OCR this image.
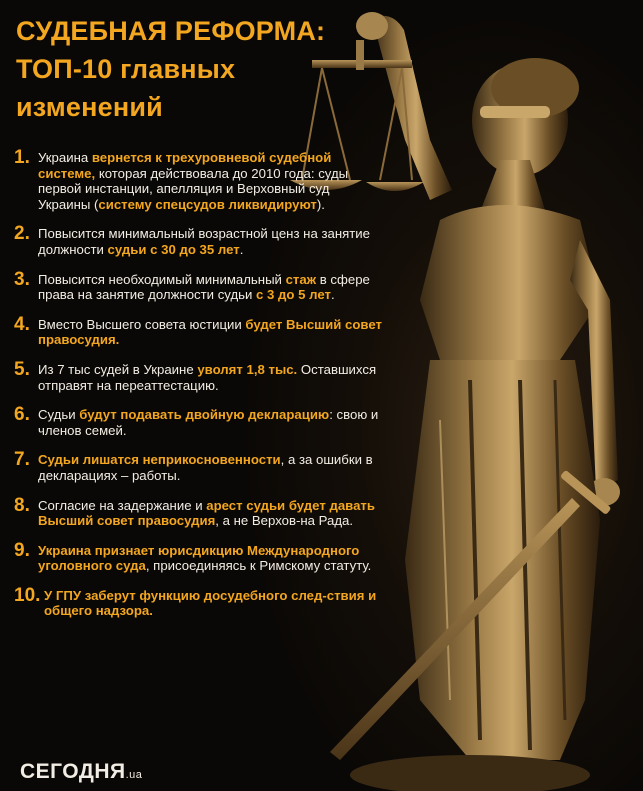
СУДЕБНАЯ РЕФОРМА:
ТОП-10 главных
изменений
1. Украина вернется к трехуровневой судебной системе, которая действовала до 2010 года: суды первой инстанции, апелляция и Верховный суд Украины (систему спецсудов ликвидируют).
2. Повысится минимальный возрастной ценз на занятие должности судьи с 30 до 35 лет.
3. Повысится необходимый минимальный стаж в сфере права на занятие должности судьи с 3 до 5 лет.
4. Вместо Высшего совета юстиции будет Высший совет правосудия.
5. Из 7 тыс судей в Украине уволят 1,8 тыс. Оставшихся отправят на переаттестацию.
6. Судьи будут подавать двойную декларацию: свою и членов семей.
7. Судьи лишатся неприкосновенности, а за ошибки в декларациях – работы.
8. Согласие на задержание и арест судьи будет давать Высший совет правосудия, а не Верхов-на Рада.
9. Украина признает юрисдикцию Международного уголовного суда, присоединяясь к Римскому статуту.
10. У ГПУ заберут функцию досудебного след-ствия и общего надзора.
СЕГОДНЯ.ua
